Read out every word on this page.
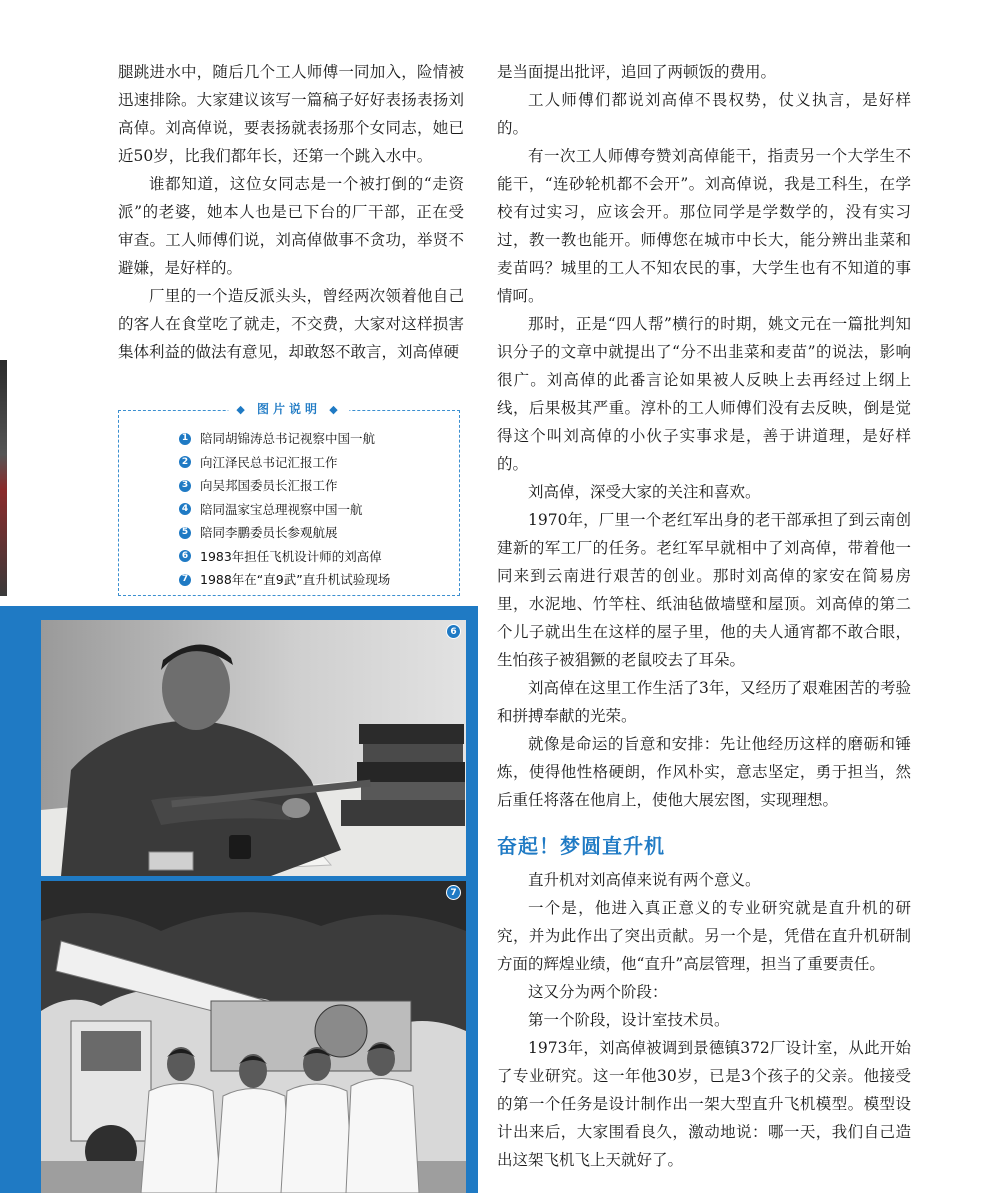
腿跳进水中，随后几个工人师傅一同加入，险情被迅速排除。大家建议该写一篇稿子好好表扬表扬刘高倬。刘高倬说，要表扬就表扬那个女同志，她已近50岁，比我们都年长，还第一个跳入水中。

谁都知道，这位女同志是一个被打倒的“走资派”的老婆，她本人也是已下台的厂干部，正在受审查。工人师傅们说，刘高倬做事不贪功，举贤不避嫌，是好样的。

厂里的一个造反派头头，曾经两次领着他自己的客人在食堂吃了就走，不交费，大家对这样损害集体利益的做法有意见，却敢怒不敢言，刘高倬硬

◆ 图片说明 ◆
1 陪同胡锦涛总书记视察中国一航
2 向江泽民总书记汇报工作
3 向吴邦国委员长汇报工作
4 陪同温家宝总理视察中国一航
5 陪同李鹏委员长参观航展
6 1983年担任飞机设计师的刘高倬
7 1988年在“直9武”直升机试验现场
6
7

是当面提出批评，追回了两顿饭的费用。

工人师傅们都说刘高倬不畏权势，仗义执言，是好样的。

有一次工人师傅夸赞刘高倬能干，指责另一个大学生不能干，“连砂轮机都不会开”。刘高倬说，我是工科生，在学校有过实习，应该会开。那位同学是学数学的，没有实习过，教一教也能开。师傅您在城市中长大，能分辨出韭菜和麦苗吗？城里的工人不知农民的事，大学生也有不知道的事情呵。

那时，正是“四人帮”横行的时期，姚文元在一篇批判知识分子的文章中就提出了“分不出韭菜和麦苗”的说法，影响很广。刘高倬的此番言论如果被人反映上去再经过上纲上线，后果极其严重。淳朴的工人师傅们没有去反映，倒是觉得这个叫刘高倬的小伙子实事求是，善于讲道理，是好样的。

刘高倬，深受大家的关注和喜欢。

1970年，厂里一个老红军出身的老干部承担了到云南创建新的军工厂的任务。老红军早就相中了刘高倬，带着他一同来到云南进行艰苦的创业。那时刘高倬的家安在简易房里，水泥地、竹竿柱、纸油毡做墙壁和屋顶。刘高倬的第二个儿子就出生在这样的屋子里，他的夫人通宵都不敢合眼，生怕孩子被猖獗的老鼠咬去了耳朵。

刘高倬在这里工作生活了3年，又经历了艰难困苦的考验和拼搏奉献的光荣。

就像是命运的旨意和安排：先让他经历这样的磨砺和锤炼，使得他性格硬朗，作风朴实，意志坚定，勇于担当，然后重任将落在他肩上，使他大展宏图，实现理想。

奋起！梦圆直升机

直升机对刘高倬来说有两个意义。

一个是，他进入真正意义的专业研究就是直升机的研究，并为此作出了突出贡献。另一个是，凭借在直升机研制方面的辉煌业绩，他“直升”高层管理，担当了重要责任。

这又分为两个阶段：

第一个阶段，设计室技术员。

1973年，刘高倬被调到景德镇372厂设计室，从此开始了专业研究。这一年他30岁，已是3个孩子的父亲。他接受的第一个任务是设计制作出一架大型直升飞机模型。模型设计出来后，大家围看良久，激动地说：哪一天，我们自己造出这架飞机飞上天就好了。
